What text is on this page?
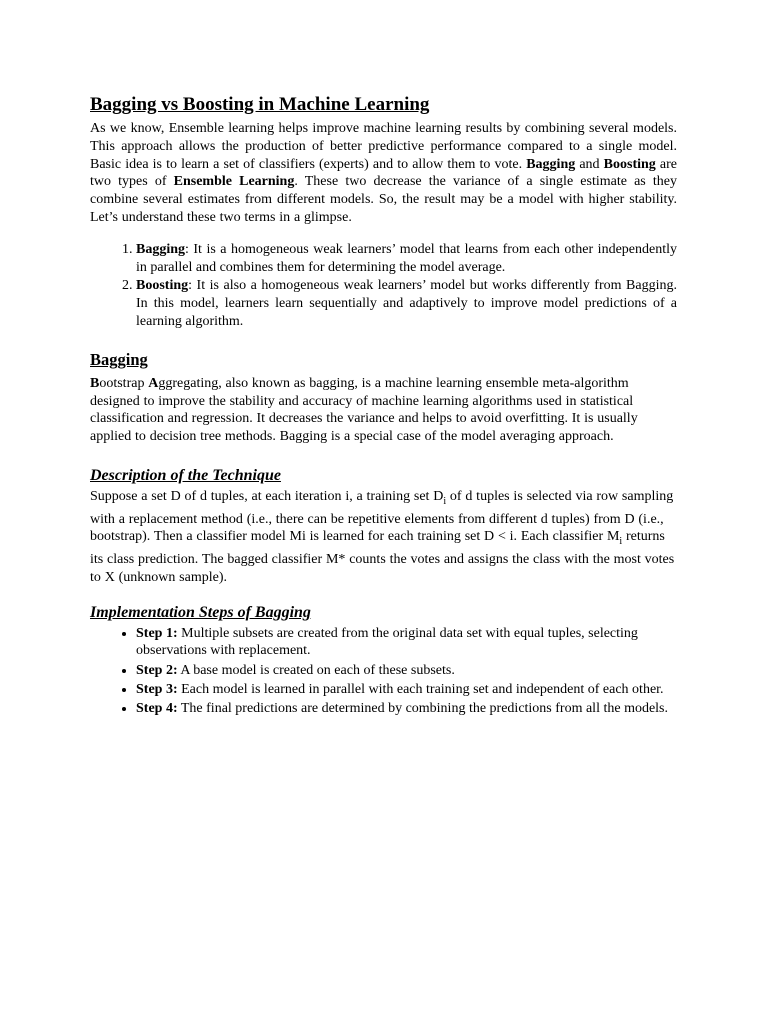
Bagging vs Boosting in Machine Learning

As we know, Ensemble learning helps improve machine learning results by combining several models. This approach allows the production of better predictive performance compared to a single model. Basic idea is to learn a set of classifiers (experts) and to allow them to vote. Bagging and Boosting are two types of Ensemble Learning. These two decrease the variance of a single estimate as they combine several estimates from different models. So, the result may be a model with higher stability. Let’s understand these two terms in a glimpse.

1. Bagging: It is a homogeneous weak learners’ model that learns from each other independently in parallel and combines them for determining the model average.
2. Boosting: It is also a homogeneous weak learners’ model but works differently from Bagging. In this model, learners learn sequentially and adaptively to improve model predictions of a learning algorithm.
Bagging

Bootstrap Aggregating, also known as bagging, is a machine learning ensemble meta-algorithm designed to improve the stability and accuracy of machine learning algorithms used in statistical classification and regression. It decreases the variance and helps to avoid overfitting. It is usually applied to decision tree methods. Bagging is a special case of the model averaging approach.

Description of the Technique

Suppose a set D of d tuples, at each iteration i, a training set $D_i$ of d tuples is selected via row sampling with a replacement method (i.e., there can be repetitive elements from different d tuples) from D (i.e., bootstrap). Then a classifier model Mi is learned for each training set D < i. Each classifier $M_i$ returns its class prediction. The bagged classifier M* counts the votes and assigns the class with the most votes to X (unknown sample).

Implementation Steps of Bagging
• Step 1: Multiple subsets are created from the original data set with equal tuples, selecting observations with replacement.
• Step 2: A base model is created on each of these subsets.
• Step 3: Each model is learned in parallel with each training set and independent of each other.
• Step 4: The final predictions are determined by combining the predictions from all the models.
